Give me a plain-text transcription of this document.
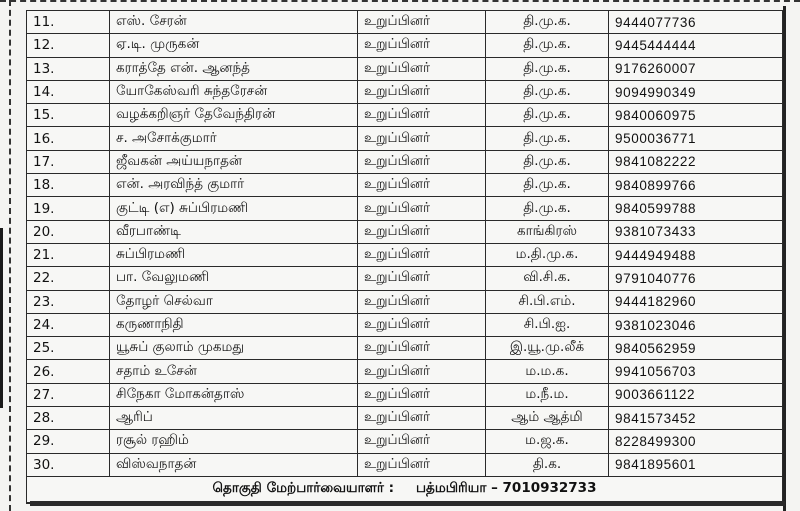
11.	எஸ். சேரன்	உறுப்பினர்	தி.மு.க.	9444077736
12.	ஏ.டி. முருகன்	உறுப்பினர்	தி.மு.க.	9445444444
13.	கராத்தே என். ஆனந்த்	உறுப்பினர்	தி.மு.க.	9176260007
14.	யோகேஸ்வரி சுந்தரேசன்	உறுப்பினர்	தி.மு.க.	9094990349
15.	வழக்கறிஞர் தேவேந்திரன்	உறுப்பினர்	தி.மு.க.	9840060975
16.	ச. அசோக்குமார்	உறுப்பினர்	தி.மு.க.	9500036771
17.	ஜீவகன் அய்யநாதன்	உறுப்பினர்	தி.மு.க.	9841082222
18.	என். அரவிந்த் குமார்	உறுப்பினர்	தி.மு.க.	9840899766
19.	குட்டி (எ) சுப்பிரமணி	உறுப்பினர்	தி.மு.க.	9840599788
20.	வீரபாண்டி	உறுப்பினர்	காங்கிரஸ்	9381073433
21.	சுப்பிரமணி	உறுப்பினர்	ம.தி.மு.க.	9444949488
22.	பா. வேலுமணி	உறுப்பினர்	வி.சி.க.	9791040776
23.	தோழர் செல்வா	உறுப்பினர்	சி.பி.எம்.	9444182960
24.	கருணாநிதி	உறுப்பினர்	சி.பி.ஐ.	9381023046
25.	யூசுப் குலாம் முகமது	உறுப்பினர்	இ.யூ.மு.லீக்	9840562959
26.	சதாம் உசேன்	உறுப்பினர்	ம.ம.க.	9941056703
27.	சிநேகா மோகன்தாஸ்	உறுப்பினர்	ம.நீ.ம.	9003661122
28.	ஆரிப்	உறுப்பினர்	ஆம் ஆத்மி	9841573452
29.	ரசூல் ரஹிம்	உறுப்பினர்	ம.ஜ.க.	8228499300
30.	விஸ்வநாதன்	உறுப்பினர்	தி.க.	9841895601
தொகுதி மேற்பார்வையாளர் : பத்மபிரியா – 7010932733				
